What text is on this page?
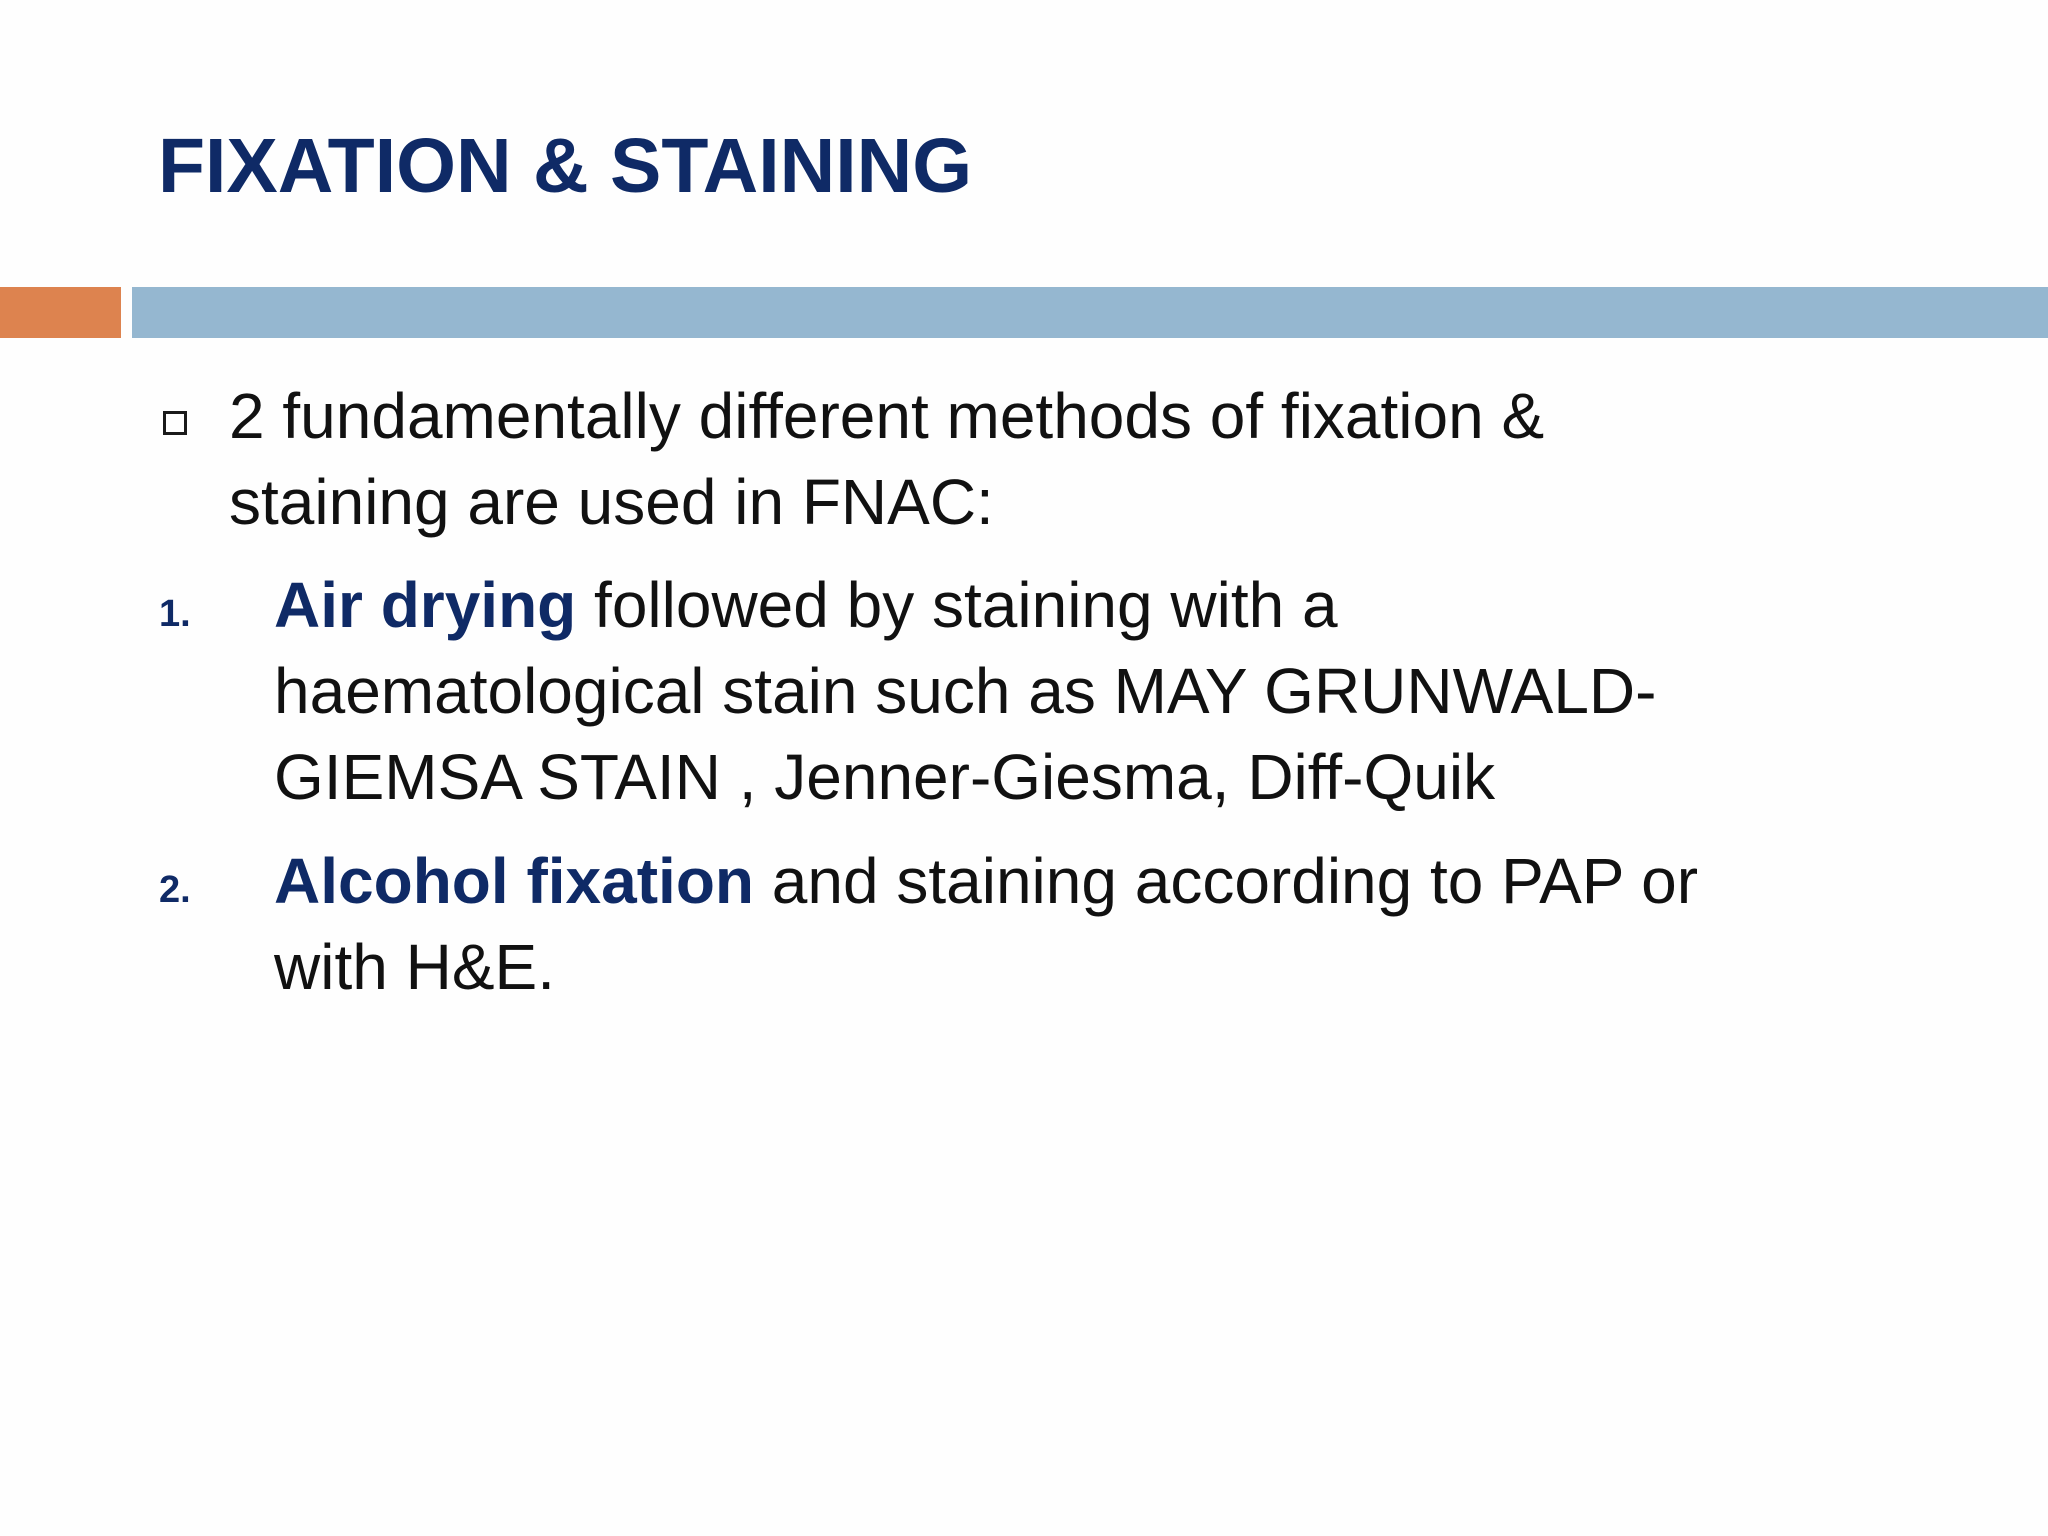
FIXATION & STAINING
2 fundamentally different methods of fixation &
staining are used in FNAC:
1. Air drying followed by staining with a
haematological stain such as MAY GRUNWALD-
GIEMSA STAIN , Jenner-Giesma, Diff-Quik
2. Alcohol fixation and staining according to PAP or
with H&E.
